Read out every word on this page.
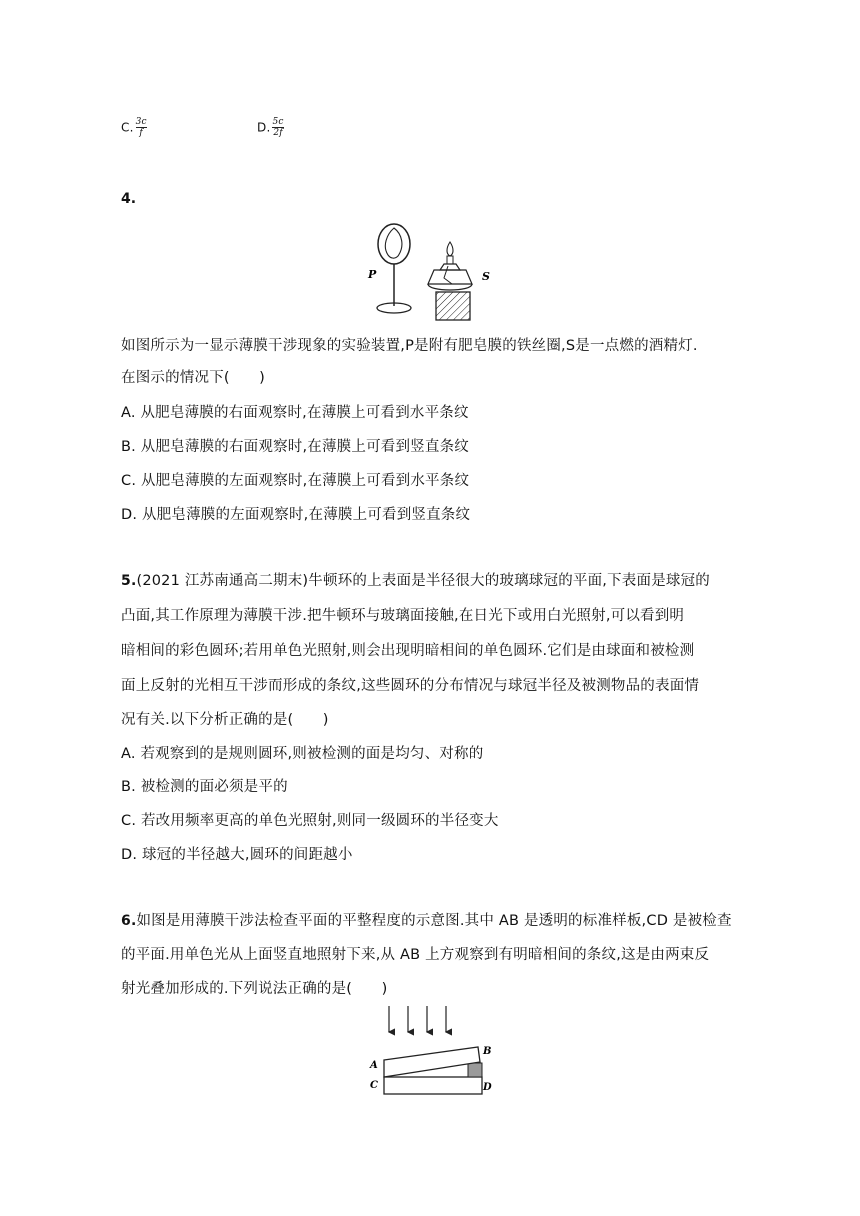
C. $\frac{3c}{f}$	D. $\frac{5c}{2f}$
4.
P	S
如图所示为一显示薄膜干涉现象的实验装置,P是附有肥皂膜的铁丝圈,S是一点燃的酒精灯.
在图示的情况下(　　)
A. 从肥皂薄膜的右面观察时,在薄膜上可看到水平条纹
B. 从肥皂薄膜的右面观察时,在薄膜上可看到竖直条纹
C. 从肥皂薄膜的左面观察时,在薄膜上可看到水平条纹
D. 从肥皂薄膜的左面观察时,在薄膜上可看到竖直条纹
5.(2021 江苏南通高二期末)牛顿环的上表面是半径很大的玻璃球冠的平面,下表面是球冠的
凸面,其工作原理为薄膜干涉.把牛顿环与玻璃面接触,在日光下或用白光照射,可以看到明
暗相间的彩色圆环;若用单色光照射,则会出现明暗相间的单色圆环.它们是由球面和被检测
面上反射的光相互干涉而形成的条纹,这些圆环的分布情况与球冠半径及被测物品的表面情
况有关.以下分析正确的是(　　)
A. 若观察到的是规则圆环,则被检测的面是均匀、对称的
B. 被检测的面必须是平的
C. 若改用频率更高的单色光照射,则同一级圆环的半径变大
D. 球冠的半径越大,圆环的间距越小
6.如图是用薄膜干涉法检查平面的平整程度的示意图.其中 AB 是透明的标准样板,CD 是被检查
的平面.用单色光从上面竖直地照射下来,从 AB 上方观察到有明暗相间的条纹,这是由两束反
射光叠加形成的.下列说法正确的是(　　)
A
B
C	D
